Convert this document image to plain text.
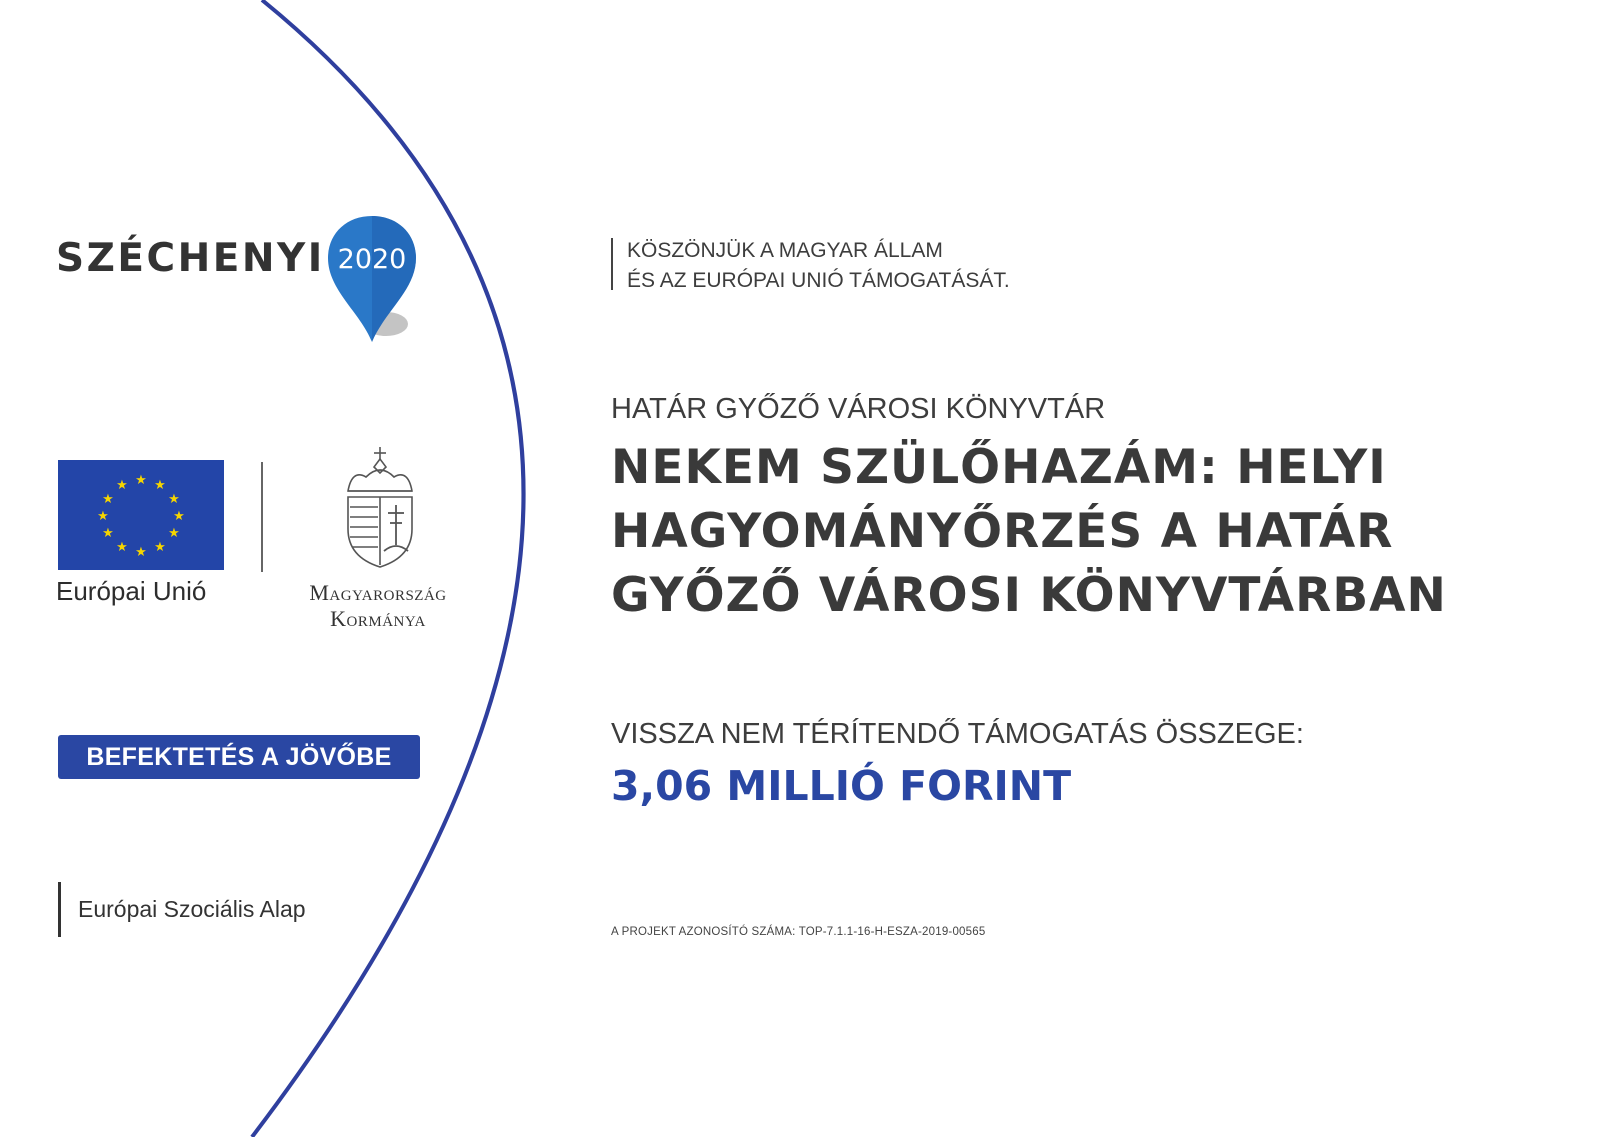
SZÉCHENYI 2020
★ ★
★
★
★
★
★
★
★
★
★
★
Európai Unió	Magyarország
Kormánya
BEFEKTETÉS A JÖVŐBE
Európai Szociális Alap
KÖSZÖNJÜK A MAGYAR ÁLLAM
ÉS AZ EURÓPAI UNIÓ TÁMOGATÁSÁT.
HATÁR GYŐZŐ VÁROSI KÖNYVTÁR
NEKEM SZÜLŐHAZÁM: HELYI
HAGYOMÁNYŐRZÉS A HATÁR
GYŐZŐ VÁROSI KÖNYVTÁRBAN
VISSZA NEM TÉRÍTENDŐ TÁMOGATÁS ÖSSZEGE:
3,06 MILLIÓ FORINT
A PROJEKT AZONOSÍTÓ SZÁMA: TOP-7.1.1-16-H-ESZA-2019-00565
